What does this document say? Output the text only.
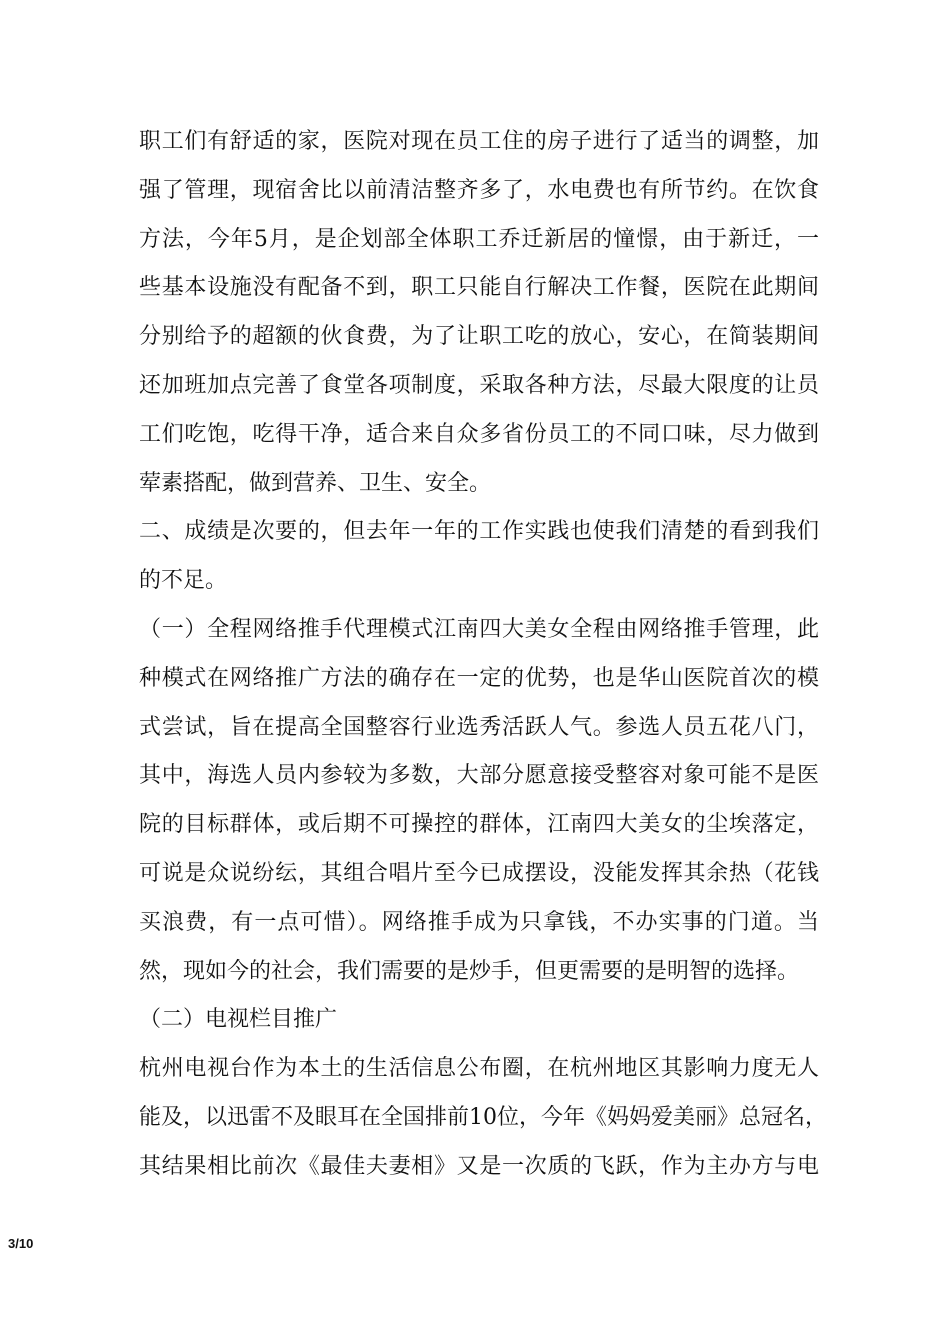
职工们有舒适的家，医院对现在员工住的房子进行了适当的调整，加
强了管理，现宿舍比以前清洁整齐多了，水电费也有所节约。在饮食
方法，今年5月，是企划部全体职工乔迁新居的憧憬，由于新迁，一
些基本设施没有配备不到，职工只能自行解决工作餐，医院在此期间
分别给予的超额的伙食费，为了让职工吃的放心，安心，在简装期间
还加班加点完善了食堂各项制度，采取各种方法，尽最大限度的让员
工们吃饱，吃得干净，适合来自众多省份员工的不同口味，尽力做到
荤素搭配，做到营养、卫生、安全。
二、成绩是次要的，但去年一年的工作实践也使我们清楚的看到我们
的不足。
（一）全程网络推手代理模式江南四大美女全程由网络推手管理，此
种模式在网络推广方法的确存在一定的优势，也是华山医院首次的模
式尝试，旨在提高全国整容行业选秀活跃人气。参选人员五花八门，
其中，海选人员内参较为多数，大部分愿意接受整容对象可能不是医
院的目标群体，或后期不可操控的群体，江南四大美女的尘埃落定，
可说是众说纷纭，其组合唱片至今已成摆设，没能发挥其余热（花钱
买浪费，有一点可惜）。网络推手成为只拿钱，不办实事的门道。当
然，现如今的社会，我们需要的是炒手，但更需要的是明智的选择。
（二）电视栏目推广
杭州电视台作为本土的生活信息公布圈，在杭州地区其影响力度无人
能及，以迅雷不及眼耳在全国排前10位，今年《妈妈爱美丽》总冠名，
其结果相比前次《最佳夫妻相》又是一次质的飞跃，作为主办方与电
3/10
